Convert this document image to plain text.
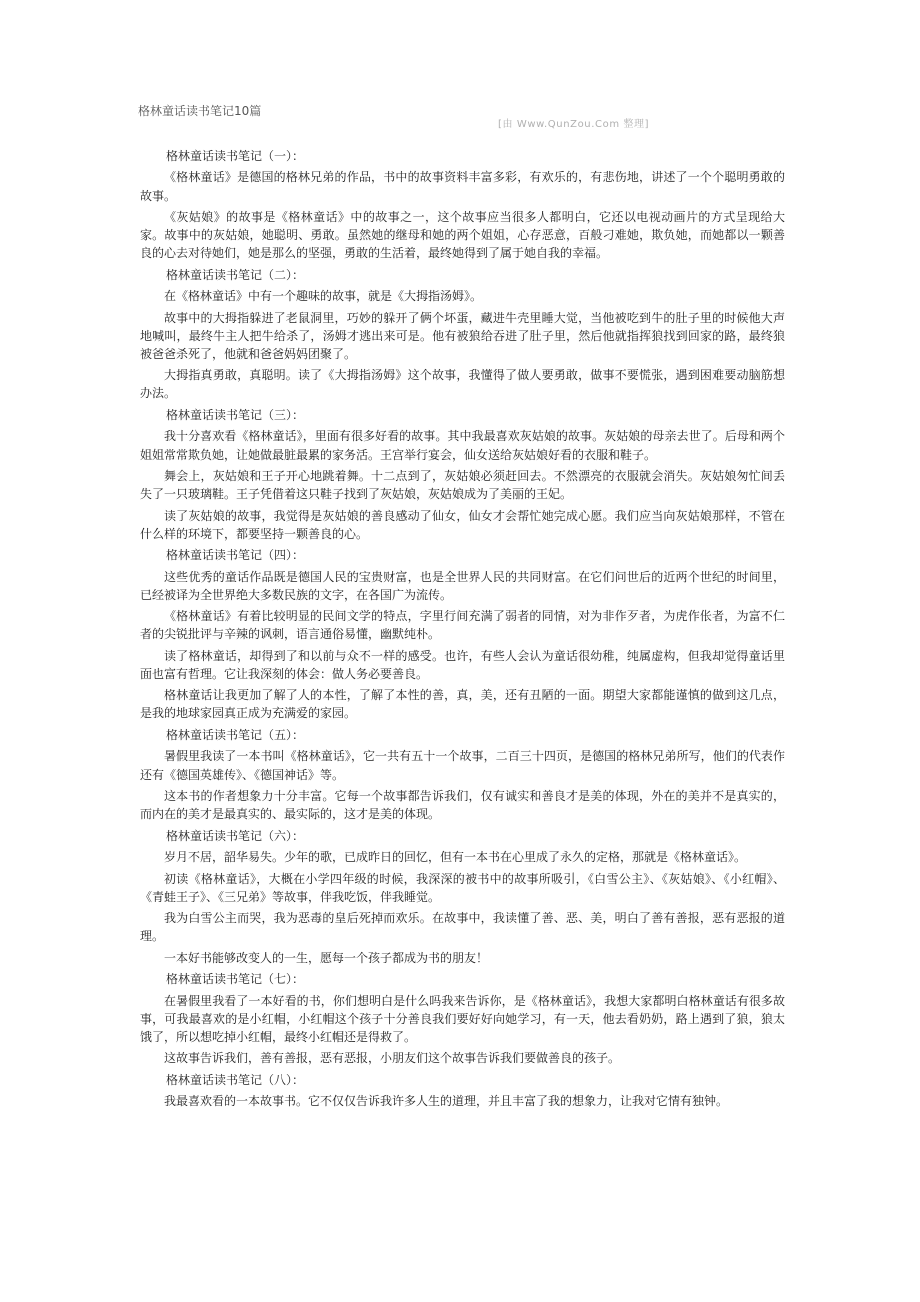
格林童话读书笔记10篇
[由 Www.QunZou.Com 整理]

格林童话读书笔记（一）：

《格林童话》是德国的格林兄弟的作品，书中的故事资料丰富多彩，有欢乐的，有悲伤地，讲述了一个个聪明勇敢的故事。

《灰姑娘》的故事是《格林童话》中的故事之一，这个故事应当很多人都明白，它还以电视动画片的方式呈现给大家。故事中的灰姑娘，她聪明、勇敢。虽然她的继母和她的两个姐姐，心存恶意，百般刁难她，欺负她，而她都以一颗善良的心去对待她们，她是那么的坚强，勇敢的生活着，最终她得到了属于她自我的幸福。

格林童话读书笔记（二）：

在《格林童话》中有一个趣味的故事，就是《大拇指汤姆》。

故事中的大拇指躲进了老鼠洞里，巧妙的躲开了俩个坏蛋，藏进牛壳里睡大觉，当他被吃到牛的肚子里的时候他大声地喊叫，最终牛主人把牛给杀了，汤姆才逃出来可是。他有被狼给吞进了肚子里，然后他就指挥狼找到回家的路，最终狼被爸爸杀死了，他就和爸爸妈妈团聚了。

大拇指真勇敢，真聪明。读了《大拇指汤姆》这个故事，我懂得了做人要勇敢，做事不要慌张，遇到困难要动脑筋想办法。

格林童话读书笔记（三）：

我十分喜欢看《格林童话》，里面有很多好看的故事。其中我最喜欢灰姑娘的故事。灰姑娘的母亲去世了。后母和两个姐姐常常欺负她，让她做最脏最累的家务活。王宫举行宴会，仙女送给灰姑娘好看的衣服和鞋子。

舞会上，灰姑娘和王子开心地跳着舞。十二点到了，灰姑娘必须赶回去。不然漂亮的衣服就会消失。灰姑娘匆忙间丢失了一只玻璃鞋。王子凭借着这只鞋子找到了灰姑娘，灰姑娘成为了美丽的王妃。

读了灰姑娘的故事，我觉得是灰姑娘的善良感动了仙女，仙女才会帮忙她完成心愿。我们应当向灰姑娘那样，不管在什么样的环境下，都要坚持一颗善良的心。

格林童话读书笔记（四）：

这些优秀的童话作品既是德国人民的宝贵财富，也是全世界人民的共同财富。在它们问世后的近两个世纪的时间里，已经被译为全世界绝大多数民族的文字，在各国广为流传。

《格林童话》有着比较明显的民间文学的特点，字里行间充满了弱者的同情，对为非作歹者，为虎作伥者，为富不仁者的尖锐批评与辛辣的讽刺，语言通俗易懂，幽默纯朴。

读了格林童话，却得到了和以前与众不一样的感受。也许，有些人会认为童话很幼稚，纯属虚构，但我却觉得童话里面也富有哲理。它让我深刻的体会：做人务必要善良。

格林童话让我更加了解了人的本性，了解了本性的善，真，美，还有丑陋的一面。期望大家都能谨慎的做到这几点，是我的地球家园真正成为充满爱的家园。

格林童话读书笔记（五）：

暑假里我读了一本书叫《格林童话》，它一共有五十一个故事，二百三十四页，是德国的格林兄弟所写，他们的代表作还有《德国英雄传》、《德国神话》等。

这本书的作者想象力十分丰富。它每一个故事都告诉我们，仅有诚实和善良才是美的体现，外在的美并不是真实的，而内在的美才是最真实的、最实际的，这才是美的体现。

格林童话读书笔记（六）：

岁月不居，韶华易失。少年的歌，已成昨日的回忆，但有一本书在心里成了永久的定格，那就是《格林童话》。

初读《格林童话》，大概在小学四年级的时候，我深深的被书中的故事所吸引，《白雪公主》、《灰姑娘》、《小红帽》、《青蛙王子》、《三兄弟》等故事，伴我吃饭，伴我睡觉。

我为白雪公主而哭，我为恶毒的皇后死掉而欢乐。在故事中，我读懂了善、恶、美，明白了善有善报，恶有恶报的道理。

一本好书能够改变人的一生，愿每一个孩子都成为书的朋友！

格林童话读书笔记（七）：

在暑假里我看了一本好看的书，你们想明白是什么吗我来告诉你，是《格林童话》，我想大家都明白格林童话有很多故事，可我最喜欢的是小红帽，小红帽这个孩子十分善良我们要好好向她学习，有一天，他去看奶奶，路上遇到了狼，狼太饿了，所以想吃掉小红帽，最终小红帽还是得救了。

这故事告诉我们，善有善报，恶有恶报，小朋友们这个故事告诉我们要做善良的孩子。

格林童话读书笔记（八）：

我最喜欢看的一本故事书。它不仅仅告诉我许多人生的道理，并且丰富了我的想象力，让我对它情有独钟。
